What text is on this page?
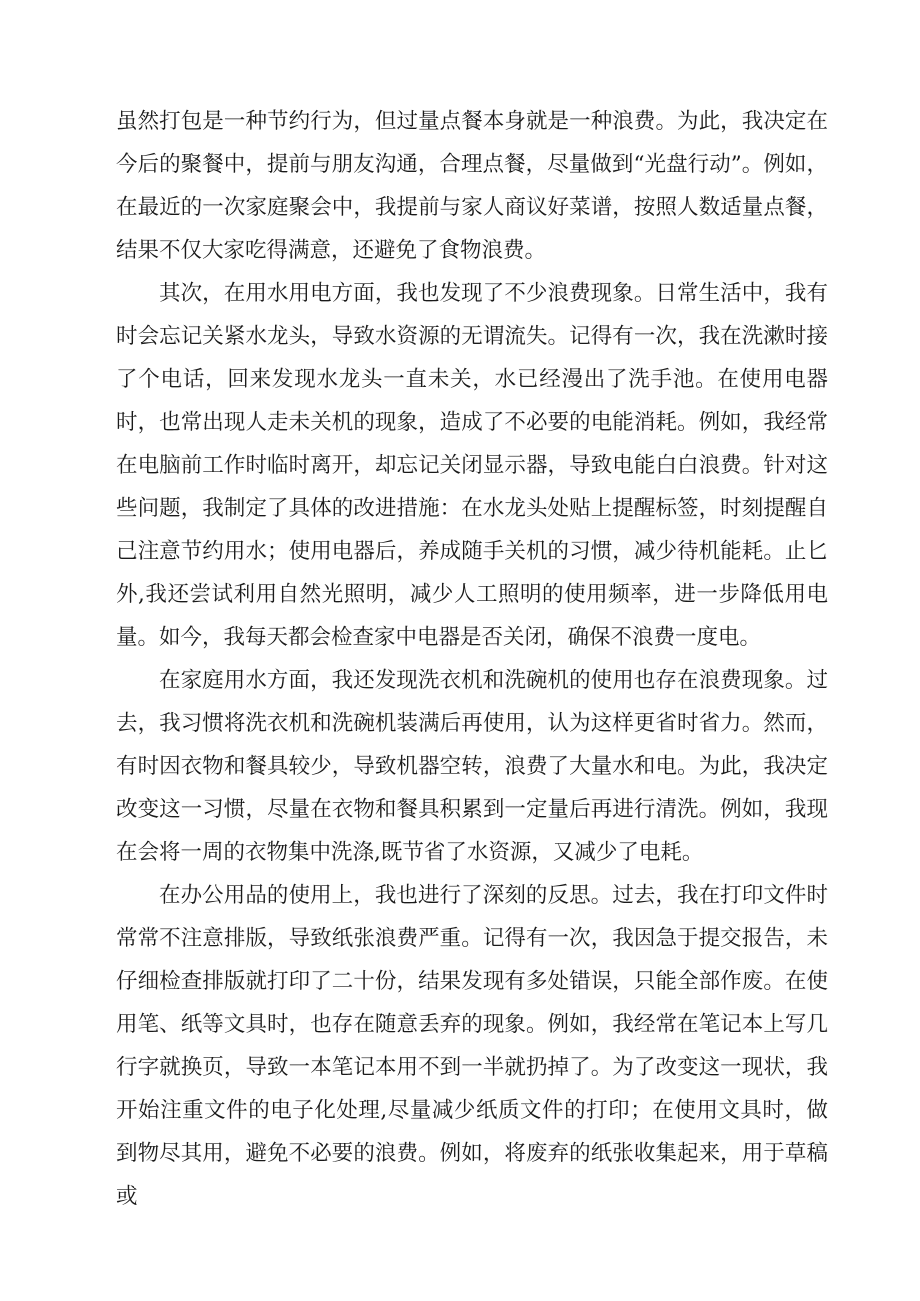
虽然打包是一种节约行为，但过量点餐本身就是一种浪费。为此，我决定在今后的聚餐中，提前与朋友沟通，合理点餐，尽量做到“光盘行动”。例如，在最近的一次家庭聚会中，我提前与家人商议好菜谱，按照人数适量点餐，结果不仅大家吃得满意，还避免了食物浪费。

其次，在用水用电方面，我也发现了不少浪费现象。日常生活中，我有时会忘记关紧水龙头，导致水资源的无谓流失。记得有一次，我在洗漱时接了个电话，回来发现水龙头一直未关，水已经漫出了洗手池。在使用电器时，也常出现人走未关机的现象，造成了不必要的电能消耗。例如，我经常在电脑前工作时临时离开，却忘记关闭显示器，导致电能白白浪费。针对这些问题，我制定了具体的改进措施：在水龙头处贴上提醒标签，时刻提醒自己注意节约用水；使用电器后，养成随手关机的习惯，减少待机能耗。止匕外,我还尝试利用自然光照明，减少人工照明的使用频率，进一步降低用电量。如今，我每天都会检查家中电器是否关闭，确保不浪费一度电。

在家庭用水方面，我还发现洗衣机和洗碗机的使用也存在浪费现象。过去，我习惯将洗衣机和洗碗机装满后再使用，认为这样更省时省力。然而，有时因衣物和餐具较少，导致机器空转，浪费了大量水和电。为此，我决定改变这一习惯，尽量在衣物和餐具积累到一定量后再进行清洗。例如，我现在会将一周的衣物集中洗涤,既节省了水资源，又减少了电耗。

在办公用品的使用上，我也进行了深刻的反思。过去，我在打印文件时常常不注意排版，导致纸张浪费严重。记得有一次，我因急于提交报告，未仔细检查排版就打印了二十份，结果发现有多处错误，只能全部作废。在使用笔、纸等文具时，也存在随意丢弃的现象。例如，我经常在笔记本上写几行字就换页，导致一本笔记本用不到一半就扔掉了。为了改变这一现状，我开始注重文件的电子化处理,尽量减少纸质文件的打印；在使用文具时，做到物尽其用，避免不必要的浪费。例如，将废弃的纸张收集起来，用于草稿或
